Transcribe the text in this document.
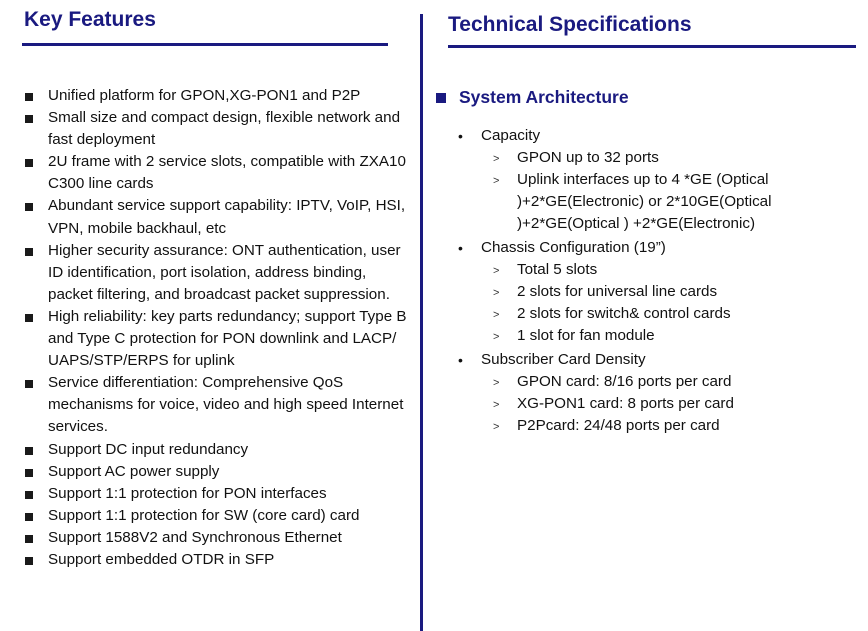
Key Features
Unified platform for GPON,XG-PON1 and P2P
Small size and compact design, flexible network and fast deployment
2U frame with 2 service slots, compatible with ZXA10 C300 line cards
Abundant service support capability: IPTV, VoIP, HSI, VPN, mobile backhaul, etc
Higher security assurance: ONT authentication, user ID identification, port isolation, address binding, packet filtering, and broadcast packet suppression.
High reliability: key parts redundancy; support Type B and Type C protection for PON downlink and LACP/ UAPS/STP/ERPS for uplink
Service differentiation: Comprehensive QoS mechanisms for voice, video and high speed Internet services.
Support DC input redundancy
Support AC power supply
Support 1:1 protection for PON interfaces
Support 1:1 protection for SW (core card) card
Support 1588V2 and Synchronous Ethernet
Support embedded OTDR in SFP
Technical Specifications
System Architecture
• Capacity
> GPON up to 32 ports
> Uplink interfaces up to 4 *GE (Optical )+2*GE(Electronic) or 2*10GE(Optical )+2*GE(Optical ) +2*GE(Electronic)
• Chassis Configuration (19”)
> Total 5 slots
> 2 slots for universal line cards
> 2 slots for switch& control cards
> 1 slot for fan module
• Subscriber Card Density
> GPON card: 8/16 ports per card
> XG-PON1 card: 8 ports per card
> P2Pcard: 24/48 ports per card
